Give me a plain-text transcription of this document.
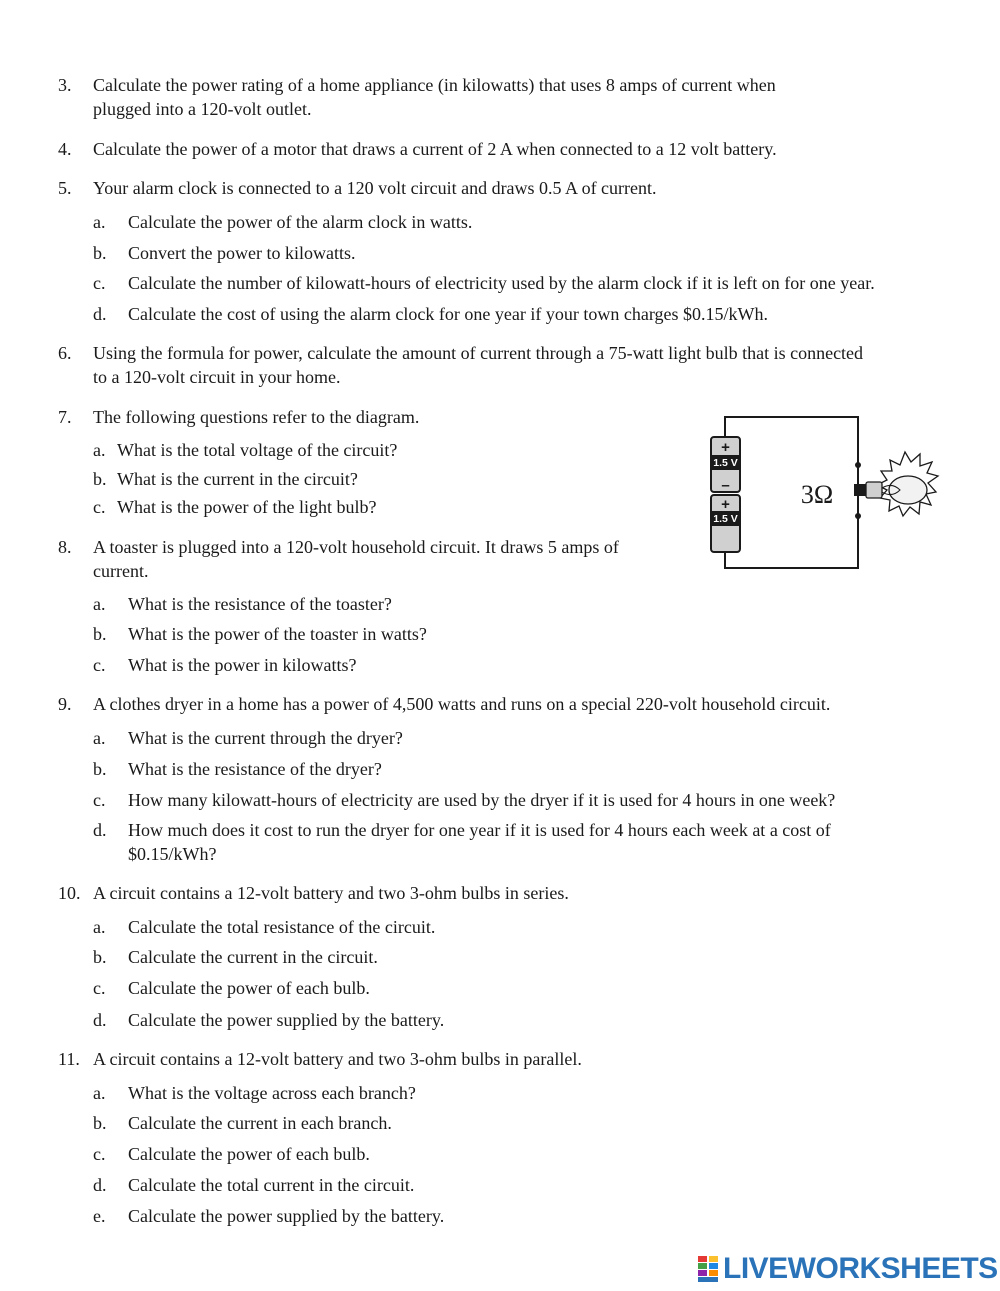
3. Calculate the power rating of a home appliance (in kilowatts) that uses 8 amps of current when
plugged into a 120-volt outlet.
4. Calculate the power of a motor that draws a current of 2 A when connected to a 12 volt battery.
5. Your alarm clock is connected to a 120 volt circuit and draws 0.5 A of current.
a. Calculate the power of the alarm clock in watts.
b. Convert the power to kilowatts.
c. Calculate the number of kilowatt-hours of electricity used by the alarm clock if it is left on for one year.
d. Calculate the cost of using the alarm clock for one year if your town charges $0.15/kWh.
6. Using the formula for power, calculate the amount of current through a 75-watt light bulb that is connected
to a 120-volt circuit in your home.
7. The following questions refer to the diagram.
a. What is the total voltage of the circuit?
b. What is the current in the circuit?
c. What is the power of the light bulb?
8. A toaster is plugged into a 120-volt household circuit. It draws 5 amps of
current.
a. What is the resistance of the toaster?
b. What is the power of the toaster in watts?
c. What is the power in kilowatts?
9. A clothes dryer in a home has a power of 4,500 watts and runs on a special 220-volt household circuit.
a. What is the current through the dryer?
b. What is the resistance of the dryer?
c. How many kilowatt-hours of electricity are used by the dryer if it is used for 4 hours in one week?
d. How much does it cost to run the dryer for one year if it is used for 4 hours each week at a cost of
$0.15/kWh?
10. A circuit contains a 12-volt battery and two 3-ohm bulbs in series.
a. Calculate the total resistance of the circuit.
b. Calculate the current in the circuit.
c. Calculate the power of each bulb.
d. Calculate the power supplied by the battery.
11. A circuit contains a 12-volt battery and two 3-ohm bulbs in parallel.
a. What is the voltage across each branch?
b. Calculate the current in each branch.
c. Calculate the power of each bulb.
d. Calculate the total current in the circuit.
e. Calculate the power supplied by the battery.
+
1.5 V
–
+
1.5 V
3Ω
LIVEWORKSHEETS
